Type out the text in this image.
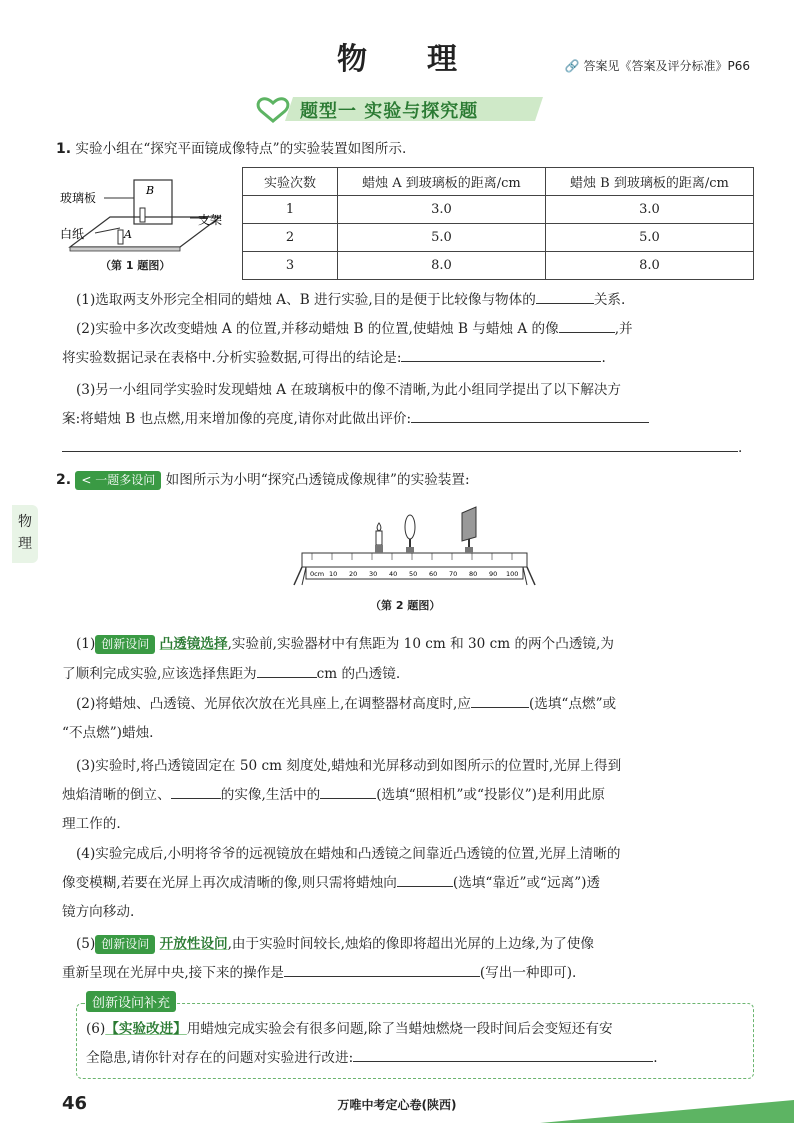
物理	🔗 答案见《答案及评分标准》P66
题型一 实验与探究题
物理
1. 实验小组在“探究平面镜成像特点”的实验装置如图所示.
玻璃板
白纸
支架
A
B
（第 1 题图）
实验次数	蜡烛 A 到玻璃板的距离/cm	蜡烛 B 到玻璃板的距离/cm
1	3.0	3.0
2	5.0	5.0
3	8.0	8.0
(1)选取两支外形完全相同的蜡烛 A、B 进行实验,目的是便于比较像与物体的	关系.
(2)实验中多次改变蜡烛 A 的位置,并移动蜡烛 B 的位置,使蜡烛 B 与蜡烛 A 的像	,并
将实验数据记录在表格中.分析实验数据,可得出的结论是:	.
(3)另一小组同学实验时发现蜡烛 A 在玻璃板中的像不清晰,为此小组同学提出了以下解决方
案:将蜡烛 B 也点燃,用来增加像的亮度,请你对此做出评价:
.
2. < 一题多设问 如图所示为小明“探究凸透镜成像规律”的实验装置:
0cm 10 20 30 40 50 60 70 80 90 100
（第 2 题图）
(1) 创新设问 凸透镜选择,实验前,实验器材中有焦距为 10 cm 和 30 cm 的两个凸透镜,为
了顺利完成实验,应该选择焦距为	cm 的凸透镜.
(2)将蜡烛、凸透镜、光屏依次放在光具座上,在调整器材高度时,应	(选填“点燃”或
“不点燃”)蜡烛.
(3)实验时,将凸透镜固定在 50 cm 刻度处,蜡烛和光屏移动到如图所示的位置时,光屏上得到
烛焰清晰的倒立、	的实像,生活中的	(选填“照相机”或“投影仪”)是利用此原
理工作的.
(4)实验完成后,小明将爷爷的远视镜放在蜡烛和凸透镜之间靠近凸透镜的位置,光屏上清晰的
像变模糊,若要在光屏上再次成清晰的像,则只需将蜡烛向	(选填“靠近”或“远离”)透
镜方向移动.
(5) 创新设问 开放性设问,由于实验时间较长,烛焰的像即将超出光屏的上边缘,为了使像
重新呈现在光屏中央,接下来的操作是	(写出一种即可).
创新设问补充
(6)【实验改进】用蜡烛完成实验会有很多问题,除了当蜡烛燃烧一段时间后会变短还有安
全隐患,请你针对存在的问题对实验进行改进:	.
46	万唯中考定心卷(陕西)
